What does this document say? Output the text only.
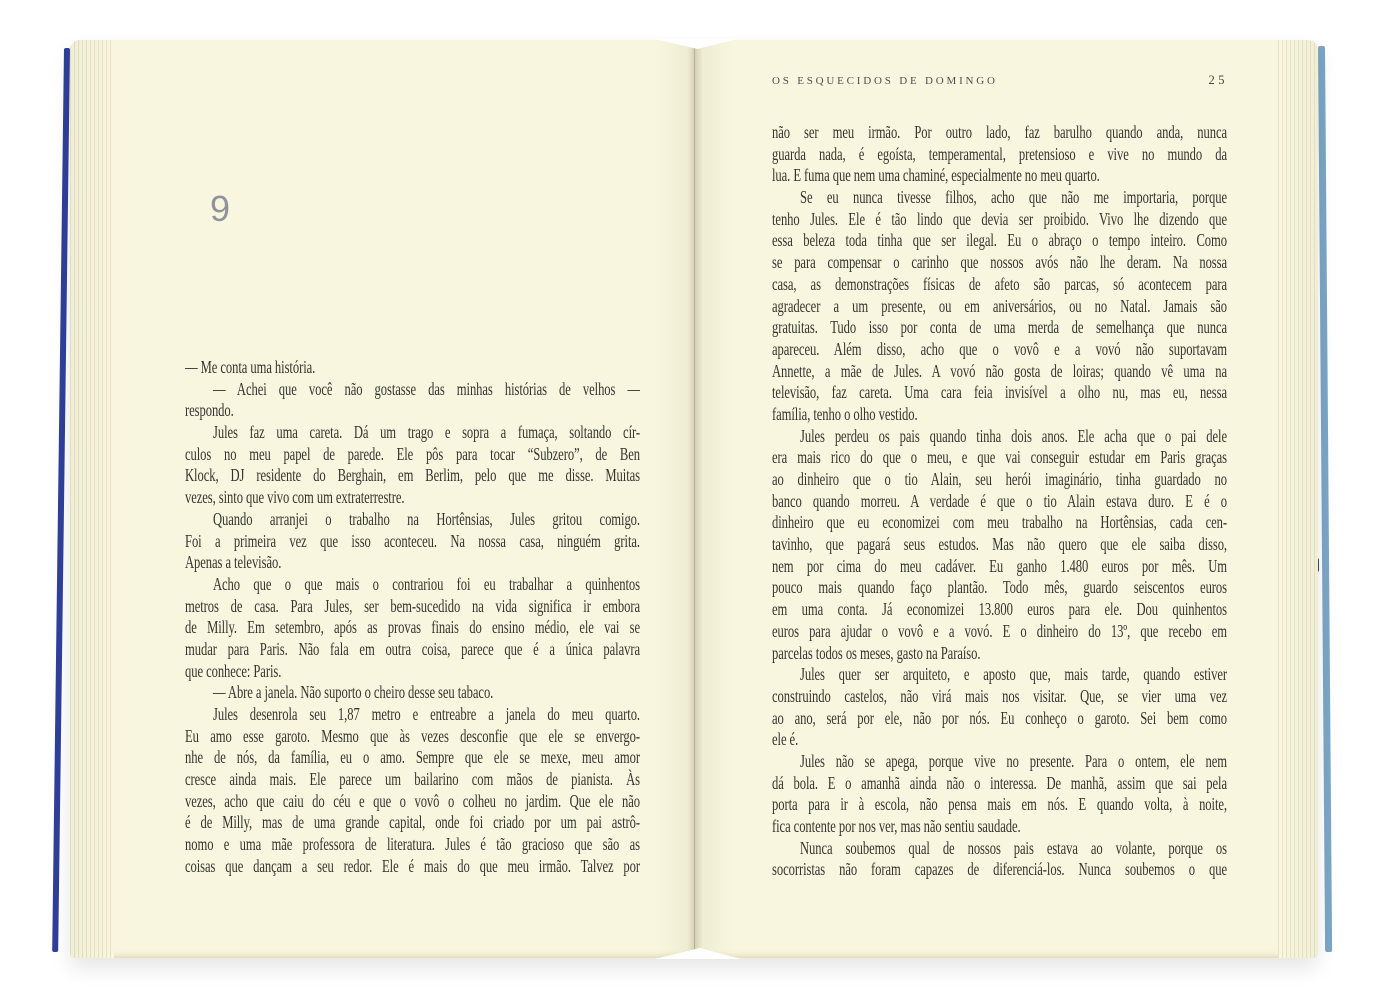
9
OS ESQUECIDOS DE DOMINGO	25
— Me conta uma história.
— Achei que você não gostasse das minhas histórias de velhos —
respondo.
Jules faz uma careta. Dá um trago e sopra a fumaça, soltando cír-
culos no meu papel de parede. Ele pôs para tocar “Subzero”, de Ben
Klock, DJ residente do Berghain, em Berlim, pelo que me disse. Muitas
vezes, sinto que vivo com um extraterrestre.
Quando arranjei o trabalho na Hortênsias, Jules gritou comigo.
Foi a primeira vez que isso aconteceu. Na nossa casa, ninguém grita.
Apenas a televisão.
Acho que o que mais o contrariou foi eu trabalhar a quinhentos
metros de casa. Para Jules, ser bem-sucedido na vida significa ir embora
de Milly. Em setembro, após as provas finais do ensino médio, ele vai se
mudar para Paris. Não fala em outra coisa, parece que é a única palavra
que conhece: Paris.
— Abre a janela. Não suporto o cheiro desse seu tabaco.
Jules desenrola seu 1,87 metro e entreabre a janela do meu quarto.
Eu amo esse garoto. Mesmo que às vezes desconfie que ele se envergo-
nhe de nós, da família, eu o amo. Sempre que ele se mexe, meu amor
cresce ainda mais. Ele parece um bailarino com mãos de pianista. Às
vezes, acho que caiu do céu e que o vovô o colheu no jardim. Que ele não
é de Milly, mas de uma grande capital, onde foi criado por um pai astrô-
nomo e uma mãe professora de literatura. Jules é tão gracioso que são as
coisas que dançam a seu redor. Ele é mais do que meu irmão. Talvez por
não ser meu irmão. Por outro lado, faz barulho quando anda, nunca
guarda nada, é egoísta, temperamental, pretensioso e vive no mundo da
lua. E fuma que nem uma chaminé, especialmente no meu quarto.
Se eu nunca tivesse filhos, acho que não me importaria, porque
tenho Jules. Ele é tão lindo que devia ser proibido. Vivo lhe dizendo que
essa beleza toda tinha que ser ilegal. Eu o abraço o tempo inteiro. Como
se para compensar o carinho que nossos avós não lhe deram. Na nossa
casa, as demonstrações físicas de afeto são parcas, só acontecem para
agradecer a um presente, ou em aniversários, ou no Natal. Jamais são
gratuitas. Tudo isso por conta de uma merda de semelhança que nunca
apareceu. Além disso, acho que o vovô e a vovó não suportavam
Annette, a mãe de Jules. A vovó não gosta de loiras; quando vê uma na
televisão, faz careta. Uma cara feia invisível a olho nu, mas eu, nessa
família, tenho o olho vestido.
Jules perdeu os pais quando tinha dois anos. Ele acha que o pai dele
era mais rico do que o meu, e que vai conseguir estudar em Paris graças
ao dinheiro que o tio Alain, seu herói imaginário, tinha guardado no
banco quando morreu. A verdade é que o tio Alain estava duro. E é o
dinheiro que eu economizei com meu trabalho na Hortênsias, cada cen-
tavinho, que pagará seus estudos. Mas não quero que ele saiba disso,
nem por cima do meu cadáver. Eu ganho 1.480 euros por mês. Um
pouco mais quando faço plantão. Todo mês, guardo seiscentos euros
em uma conta. Já economizei 13.800 euros para ele. Dou quinhentos
euros para ajudar o vovô e a vovó. E o dinheiro do 13º, que recebo em
parcelas todos os meses, gasto na Paraíso.
Jules quer ser arquiteto, e aposto que, mais tarde, quando estiver
construindo castelos, não virá mais nos visitar. Que, se vier uma vez
ao ano, será por ele, não por nós. Eu conheço o garoto. Sei bem como
ele é.
Jules não se apega, porque vive no presente. Para o ontem, ele nem
dá bola. E o amanhã ainda não o interessa. De manhã, assim que sai pela
porta para ir à escola, não pensa mais em nós. E quando volta, à noite,
fica contente por nos ver, mas não sentiu saudade.
Nunca soubemos qual de nossos pais estava ao volante, porque os
socorristas não foram capazes de diferenciá-los. Nunca soubemos o que
